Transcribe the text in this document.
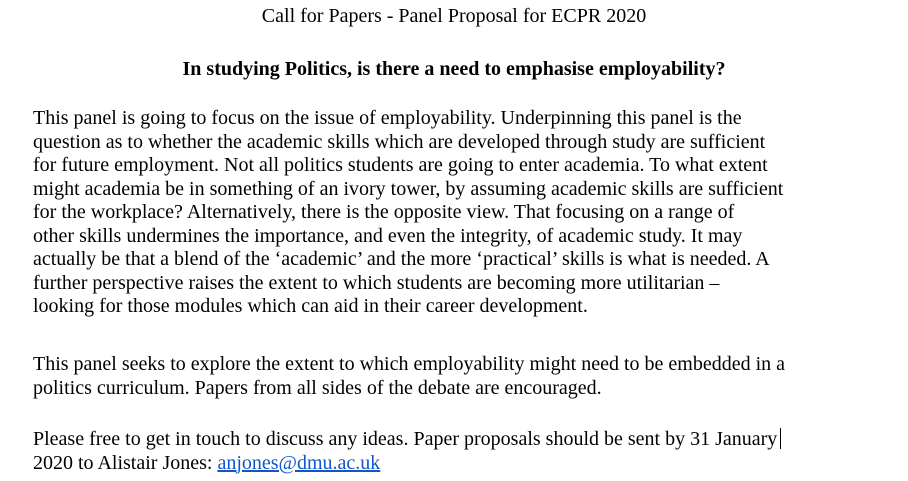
Call for Papers - Panel Proposal for ECPR 2020
In studying Politics, is there a need to emphasise employability?

This panel is going to focus on the issue of employability. Underpinning this panel is the
question as to whether the academic skills which are developed through study are sufficient
for future employment. Not all politics students are going to enter academia. To what extent
might academia be in something of an ivory tower, by assuming academic skills are sufficient
for the workplace? Alternatively, there is the opposite view. That focusing on a range of
other skills undermines the importance, and even the integrity, of academic study. It may
actually be that a blend of the ‘academic’ and the more ‘practical’ skills is what is needed. A
further perspective raises the extent to which students are becoming more utilitarian –
looking for those modules which can aid in their career development.

This panel seeks to explore the extent to which employability might need to be embedded in a
politics curriculum. Papers from all sides of the debate are encouraged.

Please free to get in touch to discuss any ideas. Paper proposals should be sent by 31 January
2020 to Alistair Jones: anjones@dmu.ac.uk
